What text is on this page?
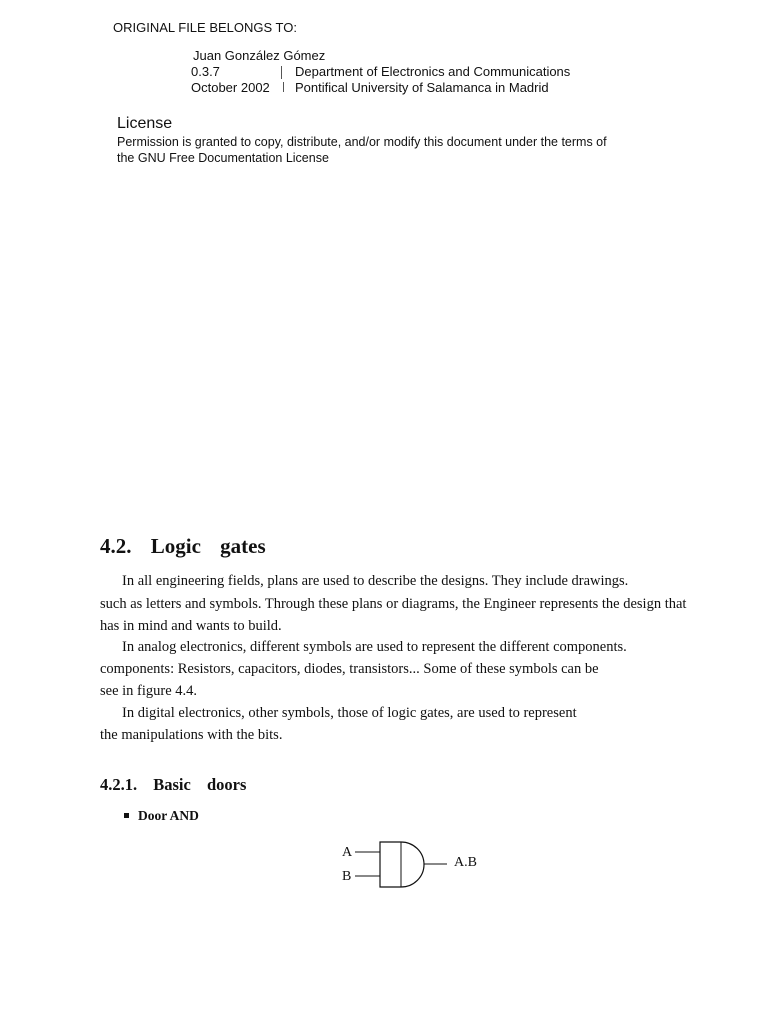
ORIGINAL FILE BELONGS TO:
Juan González Gómez
0.3.7
October 2002
Department of Electronics and Communications
Pontifical University of Salamanca in Madrid
License
Permission is granted to copy, distribute, and/or modify this document under the terms of
the GNU Free Documentation License
4.2. Logic gates
In all engineering fields, plans are used to describe the designs. They include drawings.
such as letters and symbols. Through these plans or diagrams, the Engineer represents the design that
has in mind and wants to build.
In analog electronics, different symbols are used to represent the different components.
components: Resistors, capacitors, diodes, transistors... Some of these symbols can be
see in figure 4.4.
In digital electronics, other symbols, those of logic gates, are used to represent
the manipulations with the bits.
4.2.1. Basic doors
Door AND
A
B
A.B
